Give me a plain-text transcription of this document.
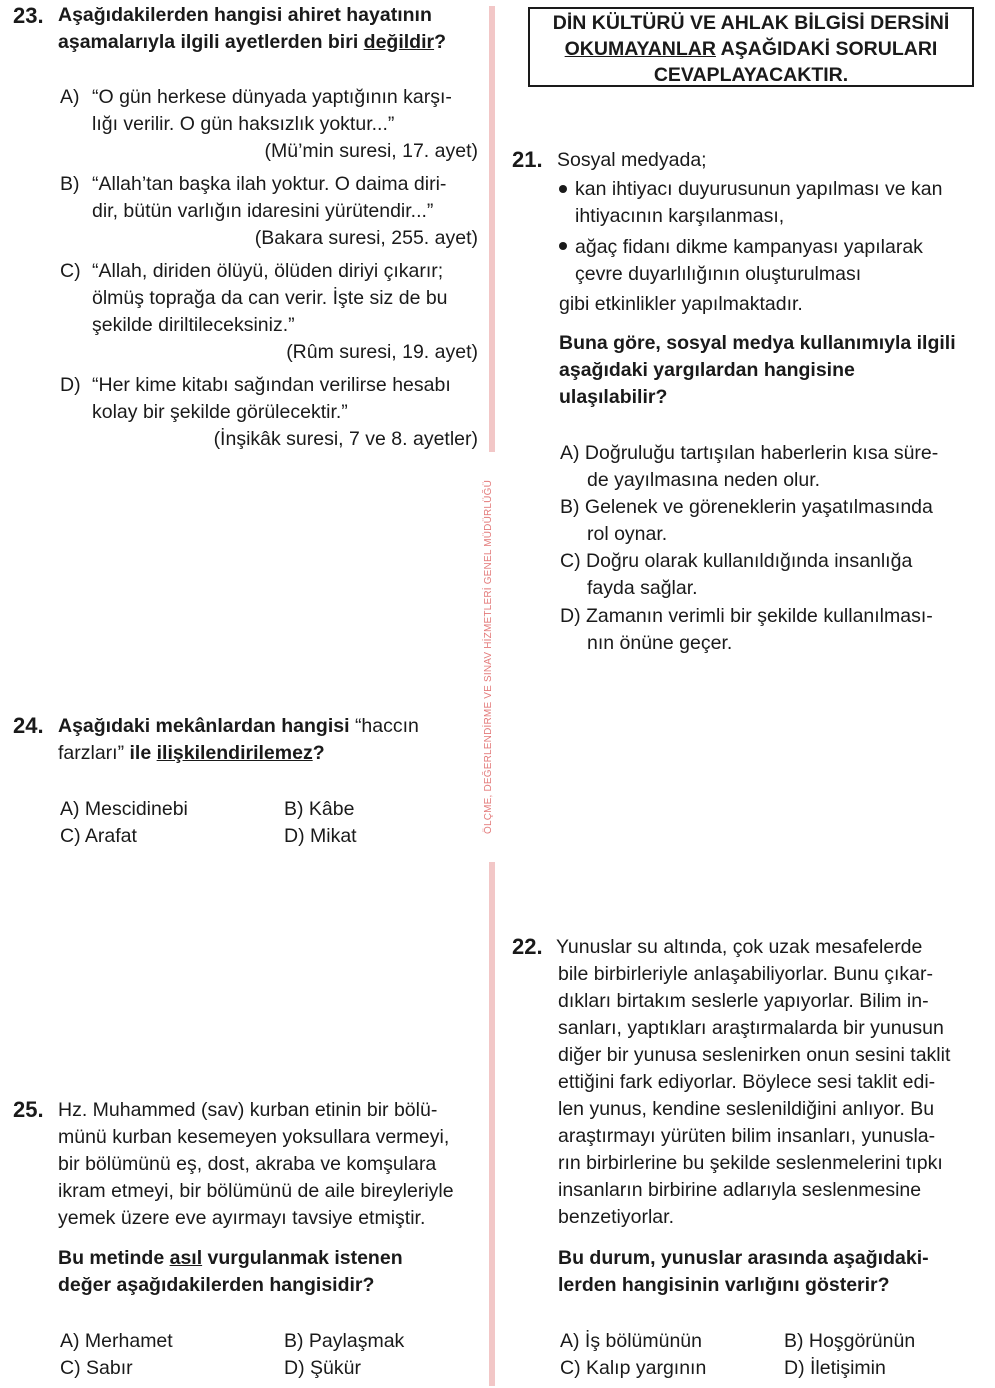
ÖLÇME, DEĞERLENDİRME VE SINAV HİZMETLERİ GENEL MÜDÜRLÜĞÜ
DİN KÜLTÜRÜ VE AHLAK BİLGİSİ DERSİNİ
OKUMAYANLAR AŞAĞIDAKİ SORULARI
CEVAPLAYACAKTIR.
23. Aşağıdakilerden hangisi ahiret hayatının
aşamalarıyla ilgili ayetlerden biri değildir?
A) “O gün herkese dünyada yaptığının karşı-
lığı verilir. O gün haksızlık yoktur...”
(Mü’min suresi, 17. ayet)
B) “Allah’tan başka ilah yoktur. O daima diri-
dir, bütün varlığın idaresini yürütendir...”
(Bakara suresi, 255. ayet)
C) “Allah, diriden ölüyü, ölüden diriyi çıkarır;
ölmüş toprağa da can verir. İşte siz de bu
şekilde diriltileceksiniz.”
(Rûm suresi, 19. ayet)
D) “Her kime kitabı sağından verilirse hesabı
kolay bir şekilde görülecektir.”
(İnşikâk suresi, 7 ve 8. ayetler)
24. Aşağıdaki mekânlardan hangisi “haccın
farzları” ile ilişkilendirilemez?
A) Mescidinebi	B) Kâbe
C) Arafat	D) Mikat
25. Hz. Muhammed (sav) kurban etinin bir bölü-
münü kurban kesemeyen yoksullara vermeyi,
bir bölümünü eş, dost, akraba ve komşulara
ikram etmeyi, bir bölümünü de aile bireyleriyle
yemek üzere eve ayırmayı tavsiye etmiştir.
Bu metinde asıl vurgulanmak istenen
değer aşağıdakilerden hangisidir?
A) Merhamet	B) Paylaşmak
C) Sabır	D) Şükür
21. Sosyal medyada;
kan ihtiyacı duyurusunun yapılması ve kan
ihtiyacının karşılanması,
ağaç fidanı dikme kampanyası yapılarak
çevre duyarlılığının oluşturulması
gibi etkinlikler yapılmaktadır.
Buna göre, sosyal medya kullanımıyla ilgili
aşağıdaki yargılardan hangisine
ulaşılabilir?
A) Doğruluğu tartışılan haberlerin kısa süre-
de yayılmasına neden olur.
B) Gelenek ve göreneklerin yaşatılmasında
rol oynar.
C) Doğru olarak kullanıldığında insanlığa
fayda sağlar.
D) Zamanın verimli bir şekilde kullanılması-
nın önüne geçer.
22. Yunuslar su altında, çok uzak mesafelerde
bile birbirleriyle anlaşabiliyorlar. Bunu çıkar-
dıkları birtakım seslerle yapıyorlar. Bilim in-
sanları, yaptıkları araştırmalarda bir yunusun
diğer bir yunusa seslenirken onun sesini taklit
ettiğini fark ediyorlar. Böylece sesi taklit edi-
len yunus, kendine seslenildiğini anlıyor. Bu
araştırmayı yürüten bilim insanları, yunusla-
rın birbirlerine bu şekilde seslenmelerini tıpkı
insanların birbirine adlarıyla seslenmesine
benzetiyorlar.
Bu durum, yunuslar arasında aşağıdaki-
lerden hangisinin varlığını gösterir?
A) İş bölümünün	B) Hoşgörünün
C) Kalıp yargının	D) İletişimin
